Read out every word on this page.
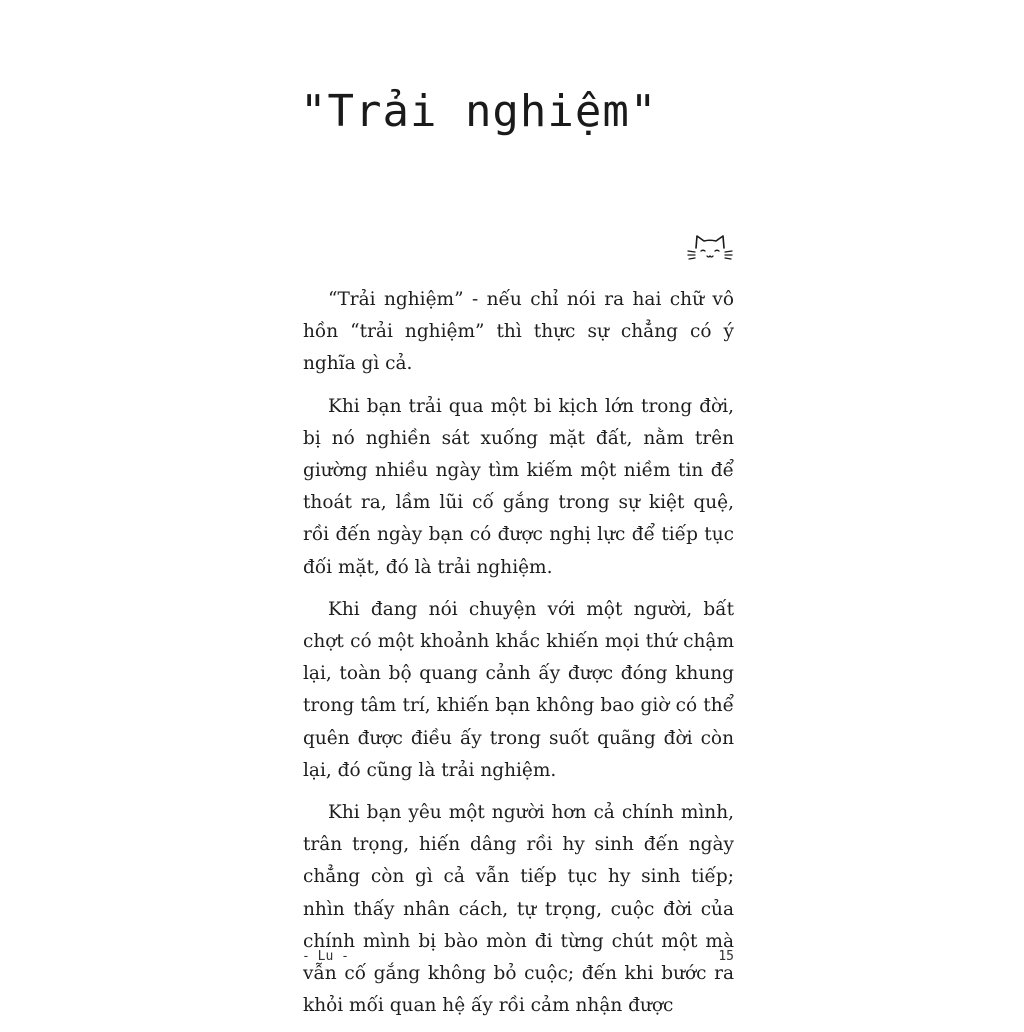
"Trải nghiệm"

“Trải nghiệm” - nếu chỉ nói ra hai chữ vô hồn “trải nghiệm” thì thực sự chẳng có ý nghĩa gì cả.

Khi bạn trải qua một bi kịch lớn trong đời, bị nó nghiền sát xuống mặt đất, nằm trên giường nhiều ngày tìm kiếm một niềm tin để thoát ra, lầm lũi cố gắng trong sự kiệt quệ, rồi đến ngày bạn có được nghị lực để tiếp tục đối mặt, đó là trải nghiệm.

Khi đang nói chuyện với một người, bất chợt có một khoảnh khắc khiến mọi thứ chậm lại, toàn bộ quang cảnh ấy được đóng khung trong tâm trí, khiến bạn không bao giờ có thể quên được điều ấy trong suốt quãng đời còn lại, đó cũng là trải nghiệm.

Khi bạn yêu một người hơn cả chính mình, trân trọng, hiến dâng rồi hy sinh đến ngày chẳng còn gì cả vẫn tiếp tục hy sinh tiếp; nhìn thấy nhân cách, tự trọng, cuộc đời của chính mình bị bào mòn đi từng chút một mà vẫn cố gắng không bỏ cuộc; đến khi bước ra khỏi mối quan hệ ấy rồi cảm nhận được

- Lu -	15
